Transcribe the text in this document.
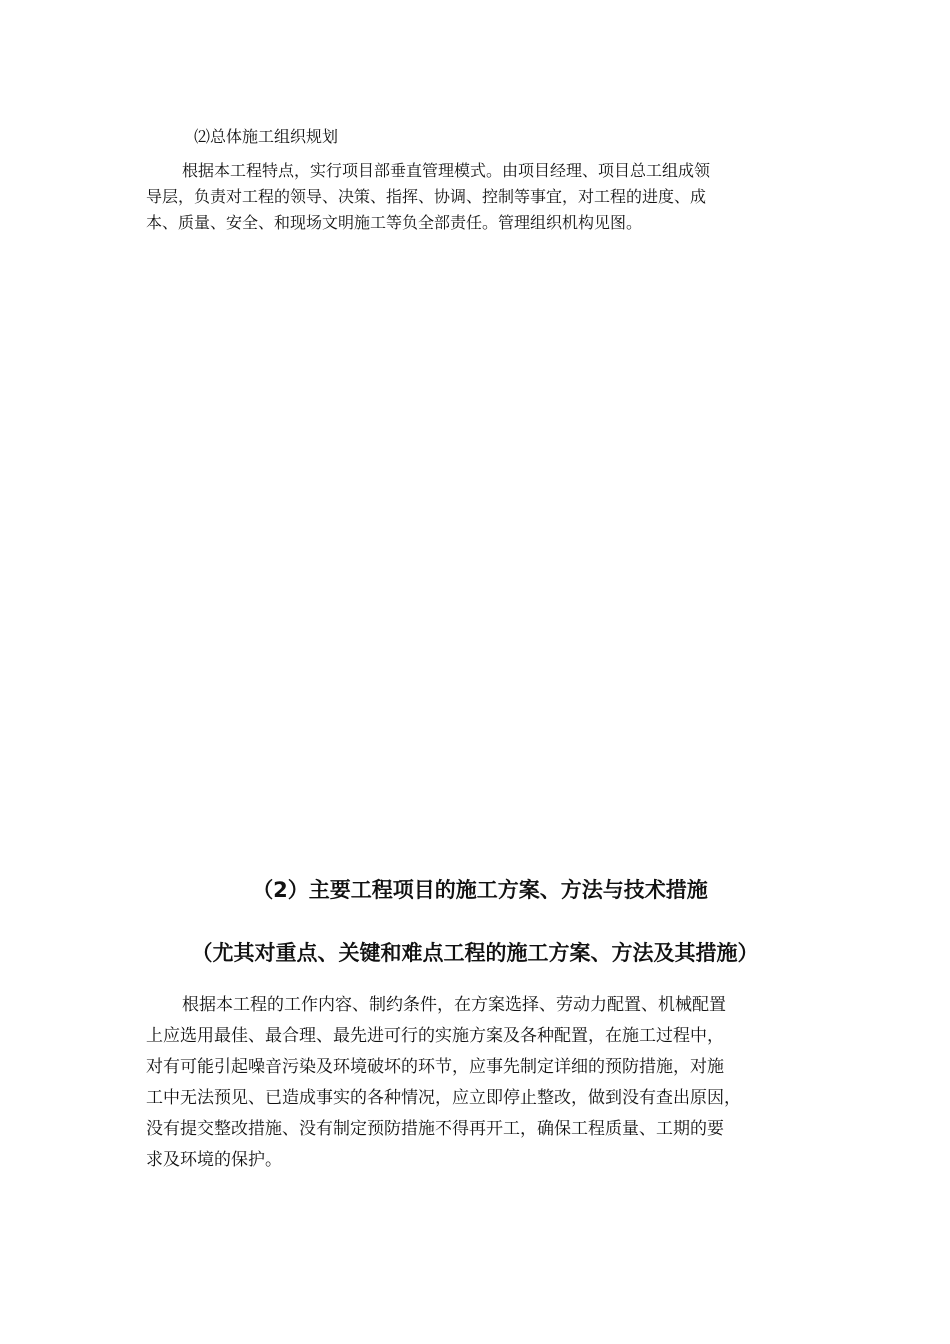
⑵总体施工组织规划
根据本工程特点，实行项目部垂直管理模式。由项目经理、项目总工组成领
导层，负责对工程的领导、决策、指挥、协调、控制等事宜，对工程的进度、成
本、质量、安全、和现场文明施工等负全部责任。管理组织机构见图。
（2）主要工程项目的施工方案、方法与技术措施
（尤其对重点、关键和难点工程的施工方案、方法及其措施）
根据本工程的工作内容、制约条件，在方案选择、劳动力配置、机械配置
上应选用最佳、最合理、最先进可行的实施方案及各种配置，在施工过程中，
对有可能引起噪音污染及环境破坏的环节，应事先制定详细的预防措施，对施
工中无法预见、已造成事实的各种情况，应立即停止整改，做到没有查出原因，
没有提交整改措施、没有制定预防措施不得再开工，确保工程质量、工期的要
求及环境的保护。
